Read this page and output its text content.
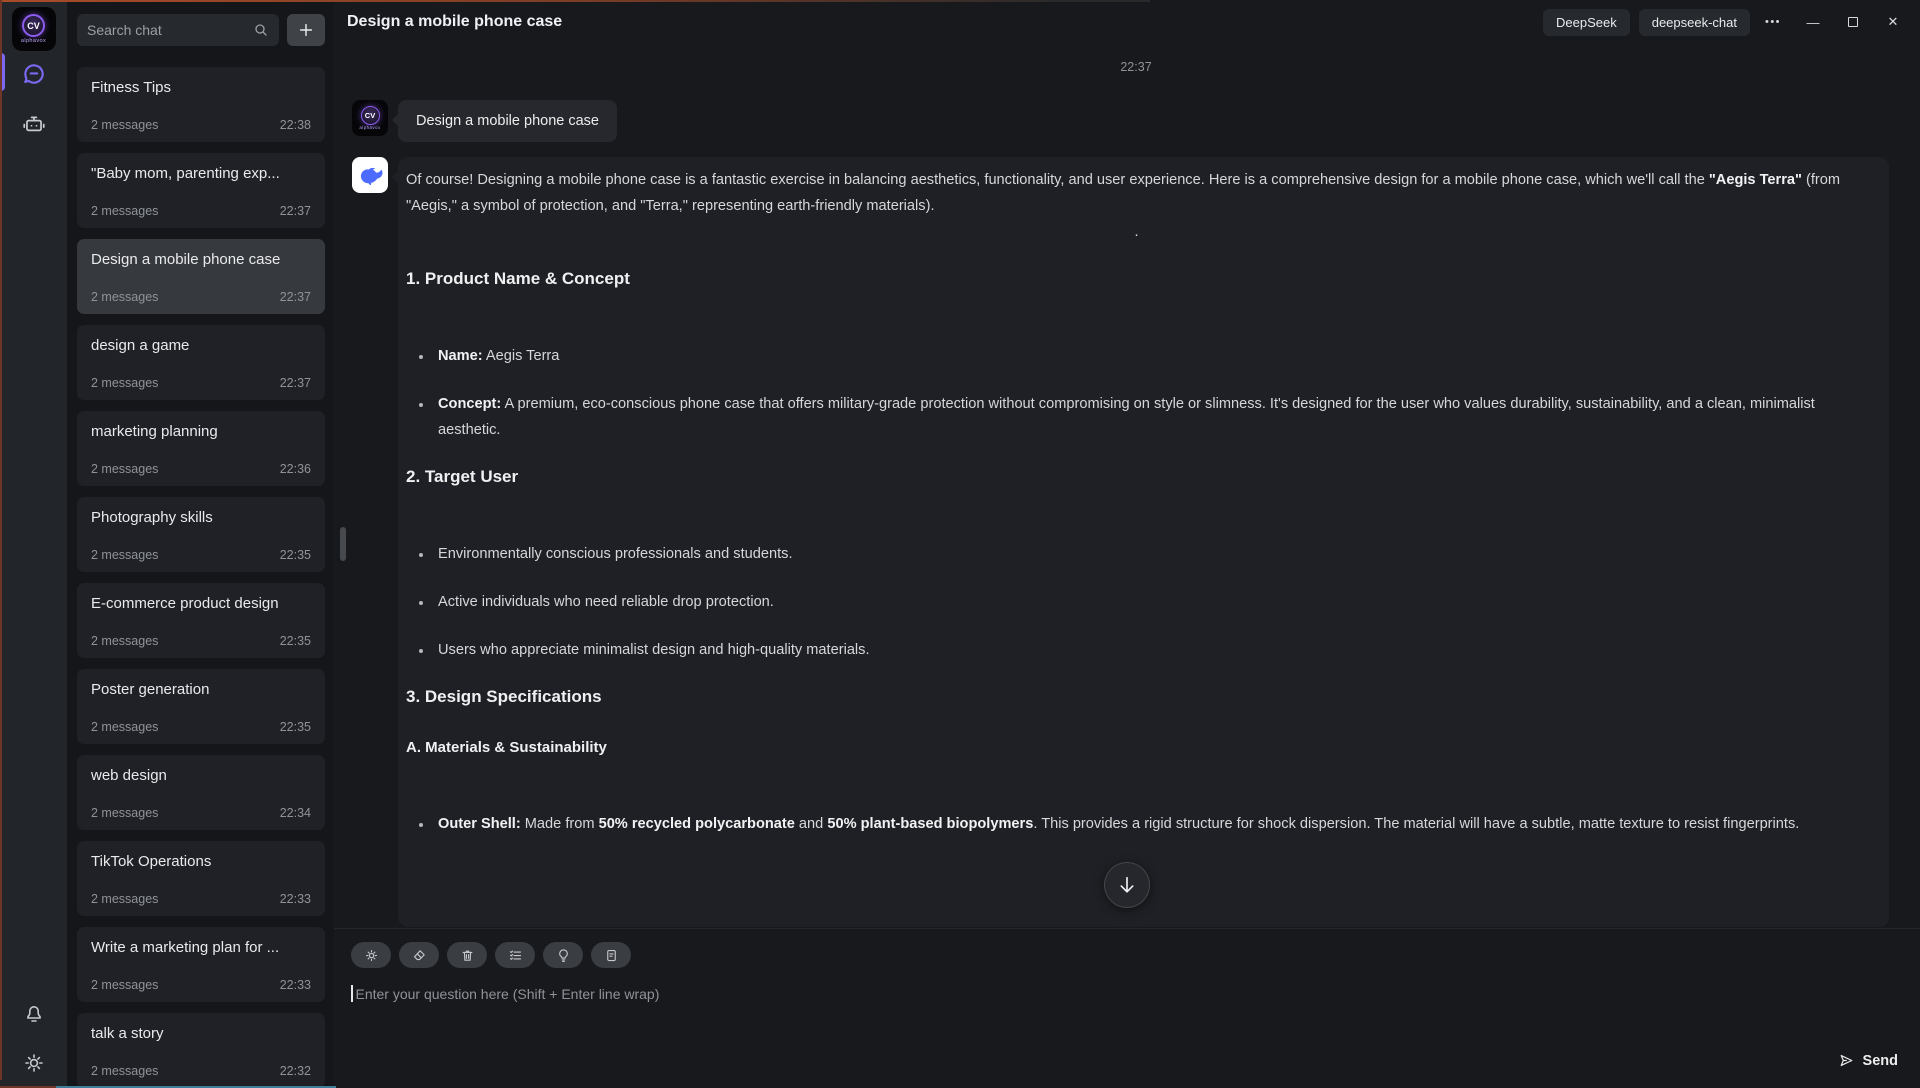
CV
alphavox
Search chat
Fitness Tips
2 messages	22:38
"Baby mom, parenting exp...
2 messages	22:37
Design a mobile phone case
2 messages	22:37
design a game
2 messages	22:37
marketing planning
2 messages	22:36
Photography skills
2 messages	22:35
E-commerce product design
2 messages	22:35
Poster generation
2 messages	22:35
web design
2 messages	22:34
TikTok Operations
2 messages	22:33
Write a marketing plan for ...
2 messages	22:33
talk a story
2 messages	22:32
Design a mobile phone case	DeepSeek	deepseek-chat	•••	—	✕
22:37
CV
alphavox	Design a mobile phone case
Of course! Designing a mobile phone case is a fantastic exercise in balancing aesthetics, functionality, and user experience. Here is a comprehensive design for a mobile phone case, which we'll call the "Aegis Terra" (from "Aegis," a symbol of protection, and "Terra," representing earth-friendly materials).
.
1. Product Name & Concept
• Name: Aegis Terra
• Concept: A premium, eco-conscious phone case that offers military-grade protection without compromising on style or slimness. It's designed for the user who values durability, sustainability, and a clean, minimalist aesthetic.
2. Target User
• Environmentally conscious professionals and students.
• Active individuals who need reliable drop protection.
• Users who appreciate minimalist design and high-quality materials.
3. Design Specifications
A. Materials & Sustainability
• Outer Shell: Made from 50% recycled polycarbonate and 50% plant-based biopolymers. This provides a rigid structure for shock dispersion. The material will have a subtle, matte texture to resist fingerprints.
Enter your question here (Shift + Enter line wrap)
Send
